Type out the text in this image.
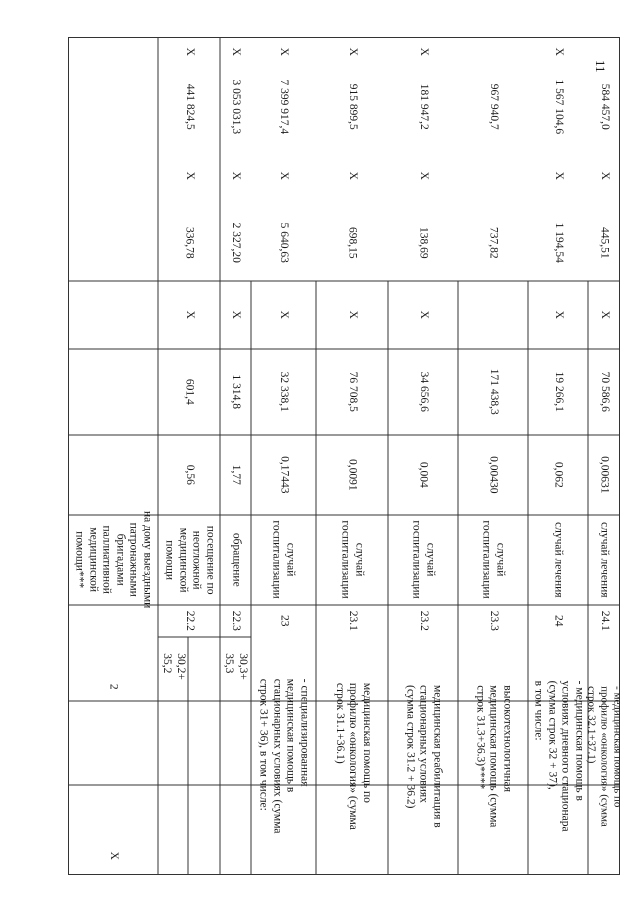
11
2
на дому выездными
патронажными
бригадами
паллиативной
медицинской
помощи***
X
30,2+
35,2
22.2
посещение по
неотложной
медицинской
помощи
0,56
601,4
X
336,78
X
441 824,5
X
30,3+
35,3
22.3
обращение
1,77
1 314,8
X
2 327,20
X
3 053 031,3
X
- специализированная
медицинская помощь в
стационарных условиях (сумма
строк 31+ 36), в том числе:
23
случай
госпитализации
0,17443
32 338,1
X
5 640,63
X
7 399 917,4
X
медицинская помощь по
профилю «онкология» (сумма
строк 31.1+36.1)
23.1
случай
госпитализации
0,0091
76 708,5
X
698,15
X
915 899,5
X
медицинская реабилитация в
стационарных условиях
(сумма строк 31.2 + 36.2)
23.2
случай
госпитализации
0,004
34 656,6
X
138,69
X
181 947,2
X
высокотехнологичная
медицинская помощь (сумма
строк 31.3+36.3)****
23.3
случай
госпитализации
0,00430
171 438,3
737,82
967 940,7
- медицинская помощь в
условиях дневного стационара
(сумма строк 32 + 37),
в том числе:
24
случай лечения
0,062
19 266,1
X
1 194,54
X
1 567 104,6
X
- медицинская помощь по
профилю «онкология» (сумма
строк 32.1+37.1)
24.1
случай лечения
0,00631
70 586,6
X
445,51
X
584 457,0
